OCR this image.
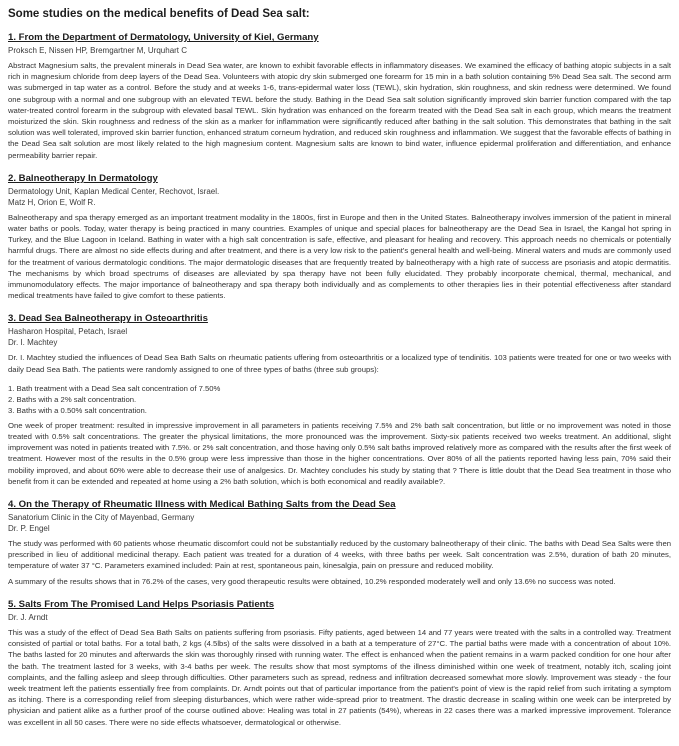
Some studies on the medical benefits of Dead Sea salt:
1. From the Department of Dermatology, University of Kiel, Germany
Proksch E, Nissen HP, Bremgartner M, Urquhart C

Abstract Magnesium salts, the prevalent minerals in Dead Sea water, are known to exhibit favorable effects in inflammatory diseases. We examined the efficacy of bathing atopic subjects in a salt rich in magnesium chloride from deep layers of the Dead Sea. Volunteers with atopic dry skin submerged one forearm for 15 min in a bath solution containing 5% Dead Sea salt. The second arm was submerged in tap water as a control. Before the study and at weeks 1-6, trans-epidermal water loss (TEWL), skin hydration, skin roughness, and skin redness were determined. We found one subgroup with a normal and one subgroup with an elevated TEWL before the study. Bathing in the Dead Sea salt solution significantly improved skin barrier function compared with the tap water-treated control forearm in the subgroup with elevated basal TEWL. Skin hydration was enhanced on the forearm treated with the Dead Sea salt in each group, which means the treatment moisturized the skin. Skin roughness and redness of the skin as a marker for inflammation were significantly reduced after bathing in the salt solution. This demonstrates that bathing in the salt solution was well tolerated, improved skin barrier function, enhanced stratum corneum hydration, and reduced skin roughness and inflammation. We suggest that the favorable effects of bathing in the Dead Sea salt solution are most likely related to the high magnesium content. Magnesium salts are known to bind water, influence epidermal proliferation and differentiation, and enhance permeability barrier repair.

2. Balneotherapy In Dermatology
Dermatology Unit, Kaplan Medical Center, Rechovot, Israel.
Matz H, Orion E, Wolf R.

Balneotherapy and spa therapy emerged as an important treatment modality in the 1800s, first in Europe and then in the United States. Balneotherapy involves immersion of the patient in mineral water baths or pools. Today, water therapy is being practiced in many countries. Examples of unique and special places for balneotherapy are the Dead Sea in Israel, the Kangal hot spring in Turkey, and the Blue Lagoon in Iceland. Bathing in water with a high salt concentration is safe, effective, and pleasant for healing and recovery. This approach needs no chemicals or potentially harmful drugs. There are almost no side effects during and after treatment, and there is a very low risk to the patient's general health and well-being. Mineral waters and muds are commonly used for the treatment of various dermatologic conditions. The major dermatologic diseases that are frequently treated by balneotherapy with a high rate of success are psoriasis and atopic dermatitis. The mechanisms by which broad spectrums of diseases are alleviated by spa therapy have not been fully elucidated. They probably incorporate chemical, thermal, mechanical, and immunomodulatory effects. The major importance of balneotherapy and spa therapy both individually and as complements to other therapies lies in their potential effectiveness after standard medical treatments have failed to give comfort to these patients.

3. Dead Sea Balneotherapy in Osteoarthritis
Hasharon Hospital, Petach, Israel
Dr. I. Machtey

Dr. I. Machtey studied the influences of Dead Sea Bath Salts on rheumatic patients uffering from osteoarthritis or a localized type of tendinitis. 103 patients were treated for one or two weeks with daily Dead Sea Bath. The patients were randomly assigned to one of three types of baths (three sub groups):

1. Bath treatment with a Dead Sea salt concentration of 7.50%
2. Baths with a 2% salt concentration.
3. Baths with a 0.50% salt concentration.

One week of proper treatment: resulted in impressive improvement in all parameters in patients receiving 7.5% and 2% bath salt concentration, but little or no improvement was noted in those treated with 0.5% salt concentrations. The greater the physical limitations, the more pronounced was the improvement. Sixty-six patients received two weeks treatment. An additional, slight improvement was noted in patients treated with 7.5%. or 2% salt concentration, and those having only 0.5% salt baths improved relatively more as compared with the results after the first week of treatment. However most of the results in the 0.5% group were less impressive than those in the higher concentrations. Over 80% of all the patients reported having less pain, 70% said their mobility improved, and about 60% were able to decrease their use of analgesics. Dr. Machtey concludes his study by stating that ? There is little doubt that the Dead Sea treatment in those who benefit from it can be extended and repeated at home using a 2% bath solution, which is both economical and readily available?.

4. On the Therapy of Rheumatic Illness with Medical Bathing Salts from the Dead Sea
Sanatorium Clinic in the City of Mayenbad, Germany
Dr. P. Engel

The study was performed with 60 patients whose rheumatic discomfort could not be substantially reduced by the customary balneotherapy of their clinic. The baths with Dead Sea Salts were then prescribed in lieu of additional medicinal therapy. Each patient was treated for a duration of 4 weeks, with three baths per week. Salt concentration was 2.5%, duration of bath 20 minutes, temperature of water 37 °C. Parameters examined included: Pain at rest, spontaneous pain, kinesalgia, pain on pressure and reduced mobility.

A summary of the results shows that in 76.2% of the cases, very good therapeutic results were obtained, 10.2% responded moderately well and only 13.6% no success was noted.

5. Salts From The Promised Land Helps Psoriasis Patients
Dr. J. Arndt

This was a study of the effect of Dead Sea Bath Salts on patients suffering from psoriasis. Fifty patients, aged between 14 and 77 years were treated with the salts in a controlled way. Treatment consisted of partial or total baths. For a total bath, 2 kgs (4.5lbs) of the salts were dissolved in a bath at a temperature of 27°C. The partial baths were made with a concentration of about 10%. The baths lasted for 20 minutes and afterwards the skin was thoroughly rinsed with running water. The effect is enhanced when the patient remains in a warm packed condition for one hour after the bath. The treatment lasted for 3 weeks, with 3-4 baths per week. The results show that most symptoms of the illness diminished within one week of treatment, notably itch, scaling joint complaints, and the falling asleep and sleep through difficulties. Other parameters such as spread, redness and infiltration decreased somewhat more slowly. Improvement was steady - the four week treatment left the patients essentially free from complaints. Dr. Arndt points out that of particular importance from the patient's point of view is the rapid relief from such irritating a symptom as itching. There is a corresponding relief from sleeping disturbances, which were rather wide-spread prior to treatment. The drastic decrease in scaling within one week can be interpreted by physician and patient alike as a further proof of the course outlined above: Healing was total in 27 patients (54%), whereas in 22 cases there was a marked impressive improvement. Tolerance was excellent in all 50 cases. There were no side effects whatsoever, dermatological or otherwise.
